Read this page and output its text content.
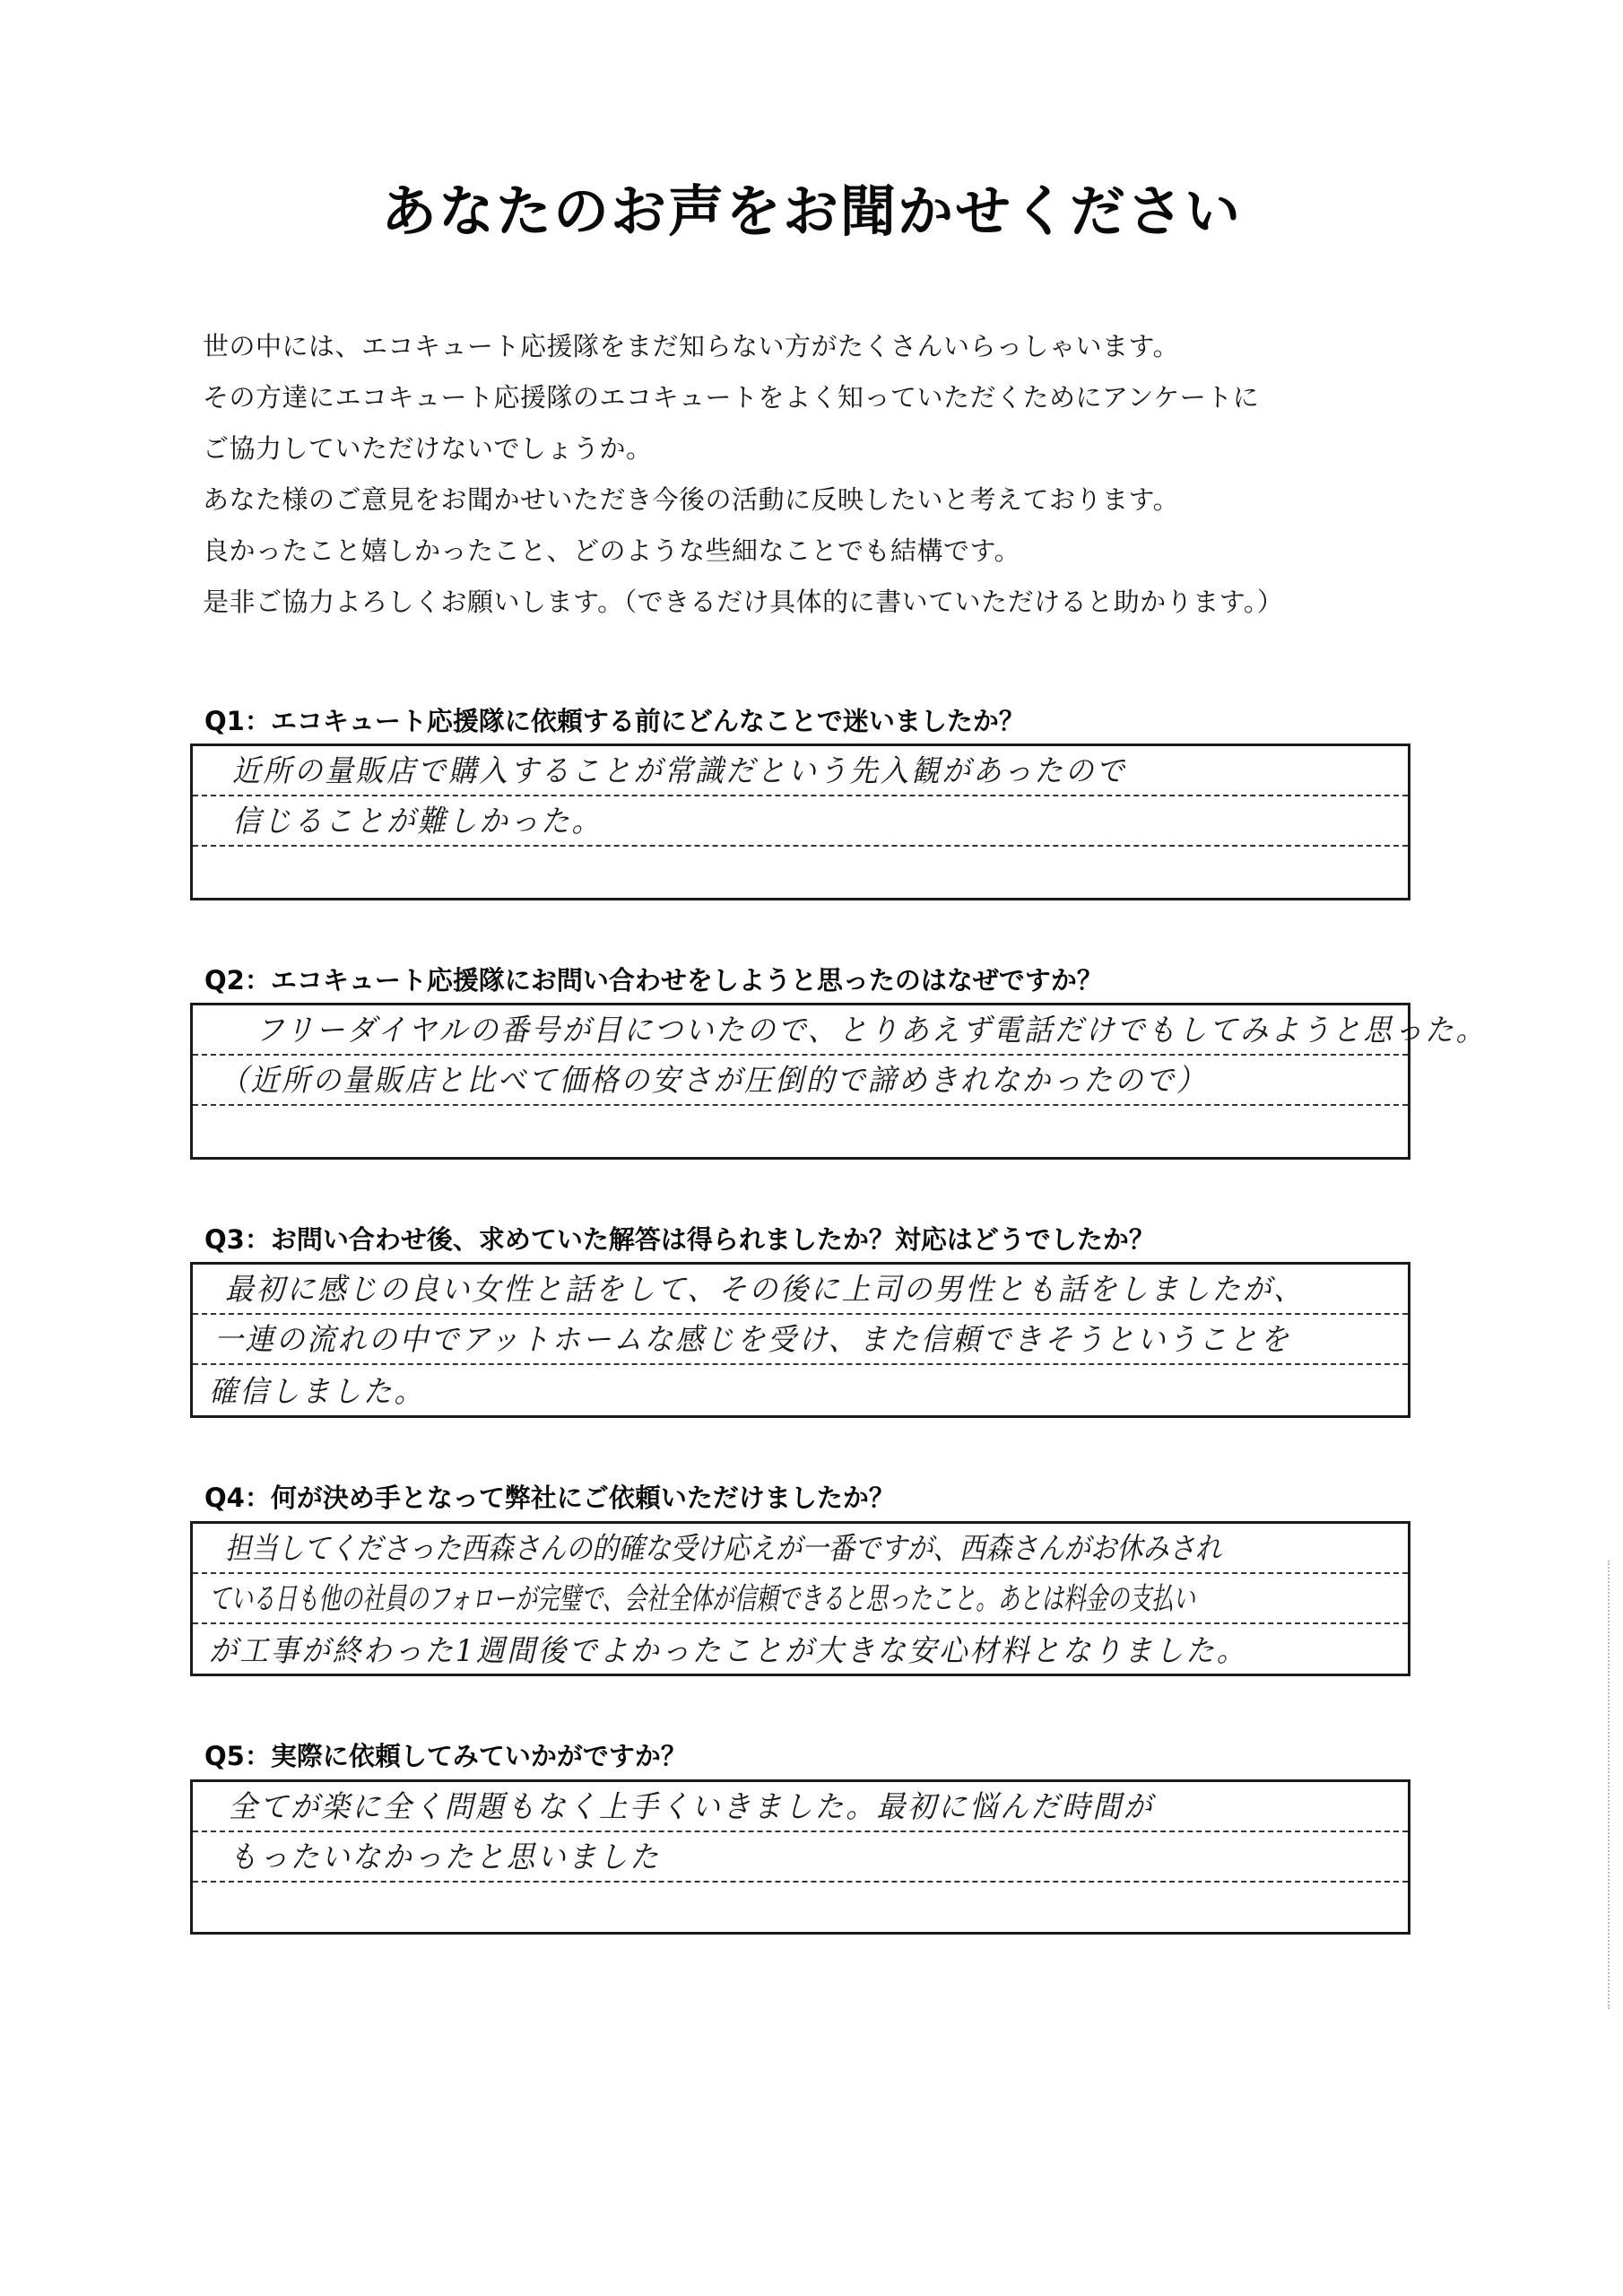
あなたのお声をお聞かせください
世の中には、エコキュート応援隊をまだ知らない方がたくさんいらっしゃいます。
その方達にエコキュート応援隊のエコキュートをよく知っていただくためにアンケートに
ご協力していただけないでしょうか。
あなた様のご意見をお聞かせいただき今後の活動に反映したいと考えております。
良かったこと嬉しかったこと、どのような些細なことでも結構です。
是非ご協力よろしくお願いします。（できるだけ具体的に書いていただけると助かります。）
Q1：エコキュート応援隊に依頼する前にどんなことで迷いましたか？
近所の量販店で購入することが常識だという先入観があったので
信じることが難しかった。
Q2：エコキュート応援隊にお問い合わせをしようと思ったのはなぜですか？
フリーダイヤルの番号が目についたので、とりあえず電話だけでもしてみようと思った。
（近所の量販店と比べて価格の安さが圧倒的で諦めきれなかったので）
Q3：お問い合わせ後、求めていた解答は得られましたか？対応はどうでしたか？
最初に感じの良い女性と話をして、その後に上司の男性とも話をしましたが、
一連の流れの中でアットホームな感じを受け、また信頼できそうということを
確信しました。
Q4：何が決め手となって弊社にご依頼いただけましたか？
担当してくださった西森さんの的確な受け応えが一番ですが、西森さんがお休みされ
ている日も他の社員のフォローが完璧で、会社全体が信頼できると思ったこと。あとは料金の支払い
が工事が終わった1週間後でよかったことが大きな安心材料となりました。
Q5：実際に依頼してみていかがですか？
全てが楽に全く問題もなく上手くいきました。最初に悩んだ時間が
もったいなかったと思いました
